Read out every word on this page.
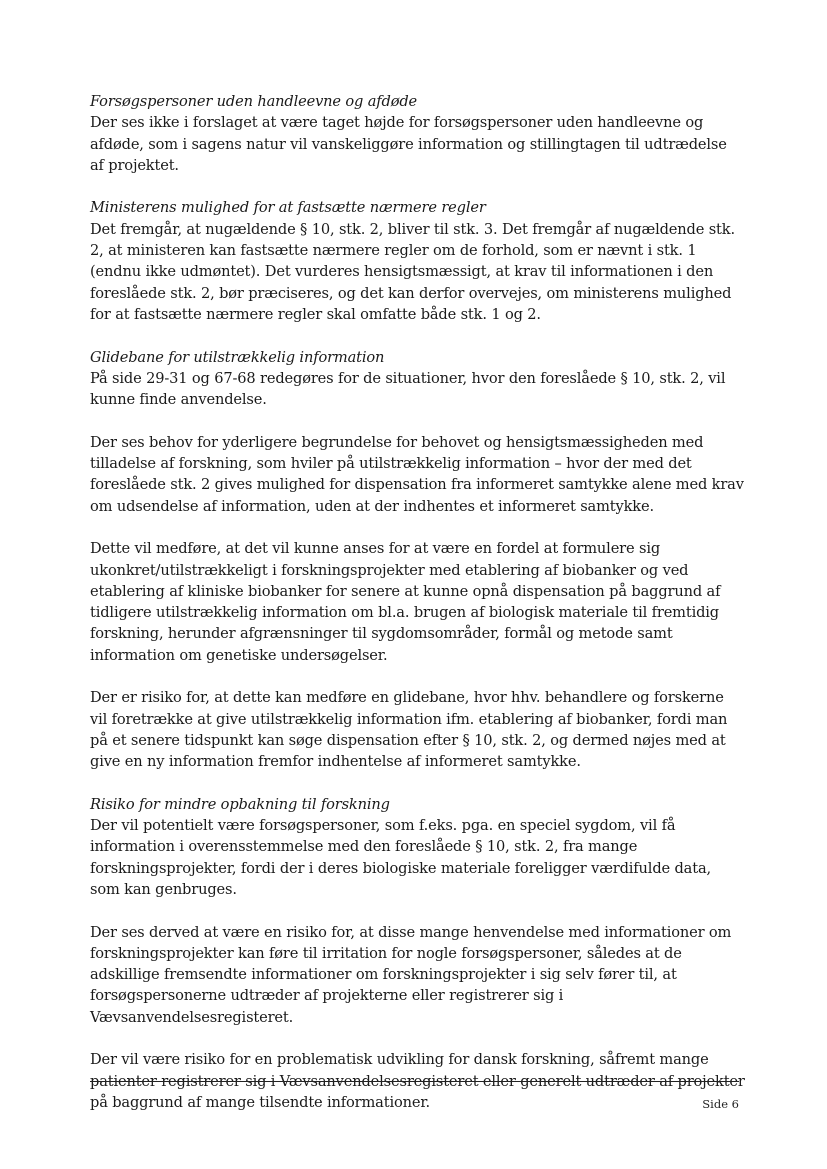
Forsøgspersoner uden handleevne og afdøde

Der ses ikke i forslaget at være taget højde for forsøgspersoner uden handleevne og afdøde, som i sagens natur vil vanskeliggøre information og stillingtagen til udtrædelse af projektet.

Ministerens mulighed for at fastsætte nærmere regler

Det fremgår, at nugældende § 10, stk. 2, bliver til stk. 3. Det fremgår af nugældende stk. 2, at ministeren kan fastsætte nærmere regler om de forhold, som er nævnt i stk. 1 (endnu ikke udmøntet). Det vurderes hensigtsmæssigt, at krav til informationen i den foreslåede stk. 2, bør præciseres, og det kan derfor overvejes, om ministerens mulighed for at fastsætte nærmere regler skal omfatte både stk. 1 og 2.

Glidebane for utilstrækkelig information

På side 29-31 og 67-68 redegøres for de situationer, hvor den foreslåede § 10, stk. 2, vil kunne finde anvendelse.

Der ses behov for yderligere begrundelse for behovet og hensigtsmæssigheden med tilladelse af forskning, som hviler på utilstrækkelig information – hvor der med det foreslåede stk. 2 gives mulighed for dispensation fra informeret samtykke alene med krav om udsendelse af information, uden at der indhentes et informeret samtykke.

Dette vil medføre, at det vil kunne anses for at være en fordel at formulere sig ukonkret/utilstrækkeligt i forskningsprojekter med etablering af biobanker og ved etablering af kliniske biobanker for senere at kunne opnå dispensation på baggrund af tidligere utilstrækkelig information om bl.a. brugen af biologisk materiale til fremtidig forskning, herunder afgrænsninger til sygdomsområder, formål og metode samt information om genetiske undersøgelser.

Der er risiko for, at dette kan medføre en glidebane, hvor hhv. behandlere og forskerne vil foretrække at give utilstrækkelig information ifm. etablering af biobanker, fordi man på et senere tidspunkt kan søge dispensation efter § 10, stk. 2, og dermed nøjes med at give en ny information fremfor indhentelse af informeret samtykke.

Risiko for mindre opbakning til forskning

Der vil potentielt være forsøgspersoner, som f.eks. pga. en speciel sygdom, vil få information i overensstemmelse med den foreslåede § 10, stk. 2, fra mange forskningsprojekter, fordi der i deres biologiske materiale foreligger værdifulde data, som kan genbruges.

Der ses derved at være en risiko for, at disse mange henvendelse med informationer om forskningsprojekter kan føre til irritation for nogle forsøgspersoner, således at de adskillige fremsendte informationer om forskningsprojekter i sig selv fører til, at forsøgspersonerne udtræder af projekterne eller registrerer sig i Vævsanvendelsesregisteret.

Der vil være risiko for en problematisk udvikling for dansk forskning, såfremt mange patienter registrerer sig i Vævsanvendelsesregisteret eller generelt udtræder af projekter på baggrund af mange tilsendte informationer.	Side 6
